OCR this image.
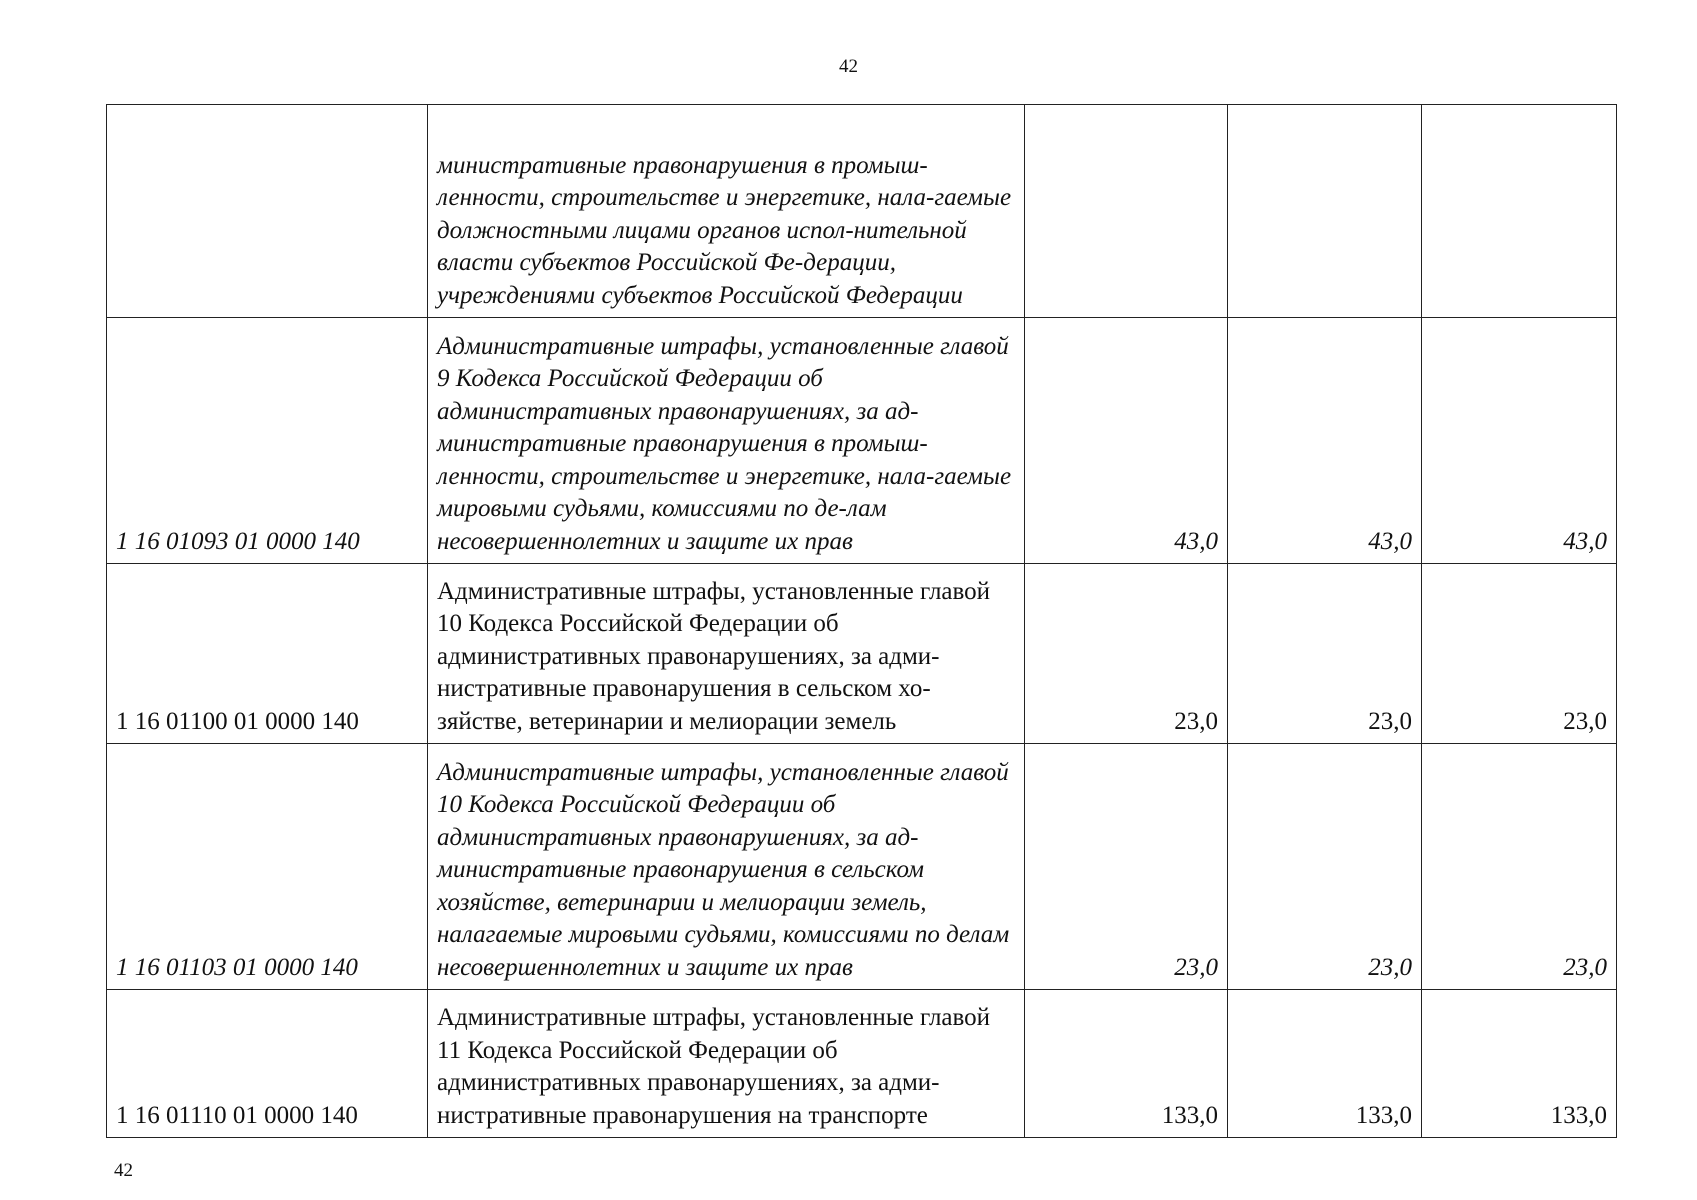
42
	министративные правонарушения в промыш-ленности, строительстве и энергетике, нала-гаемые должностными лицами органов испол-нительной власти субъектов Российской Фе-дерации, учреждениями субъектов Российской Федерации			
1 16 01093 01 0000 140	Административные штрафы, установленные главой 9 Кодекса Российской Федерации об административных правонарушениях, за ад-министративные правонарушения в промыш-ленности, строительстве и энергетике, нала-гаемые мировыми судьями, комиссиями по де-лам несовершеннолетних и защите их прав	43,0	43,0	43,0
1 16 01100 01 0000 140	Административные штрафы, установленные главой 10 Кодекса Российской Федерации об административных правонарушениях, за адми-нистративные правонарушения в сельском хо-зяйстве, ветеринарии и мелиорации земель	23,0	23,0	23,0
1 16 01103 01 0000 140	Административные штрафы, установленные главой 10 Кодекса Российской Федерации об административных правонарушениях, за ад-министративные правонарушения в сельском хозяйстве, ветеринарии и мелиорации земель, налагаемые мировыми судьями, комиссиями по делам несовершеннолетних и защите их прав	23,0	23,0	23,0
1 16 01110 01 0000 140	Административные штрафы, установленные главой 11 Кодекса Российской Федерации об административных правонарушениях, за адми-нистративные правонарушения на транспорте	133,0	133,0	133,0
42
